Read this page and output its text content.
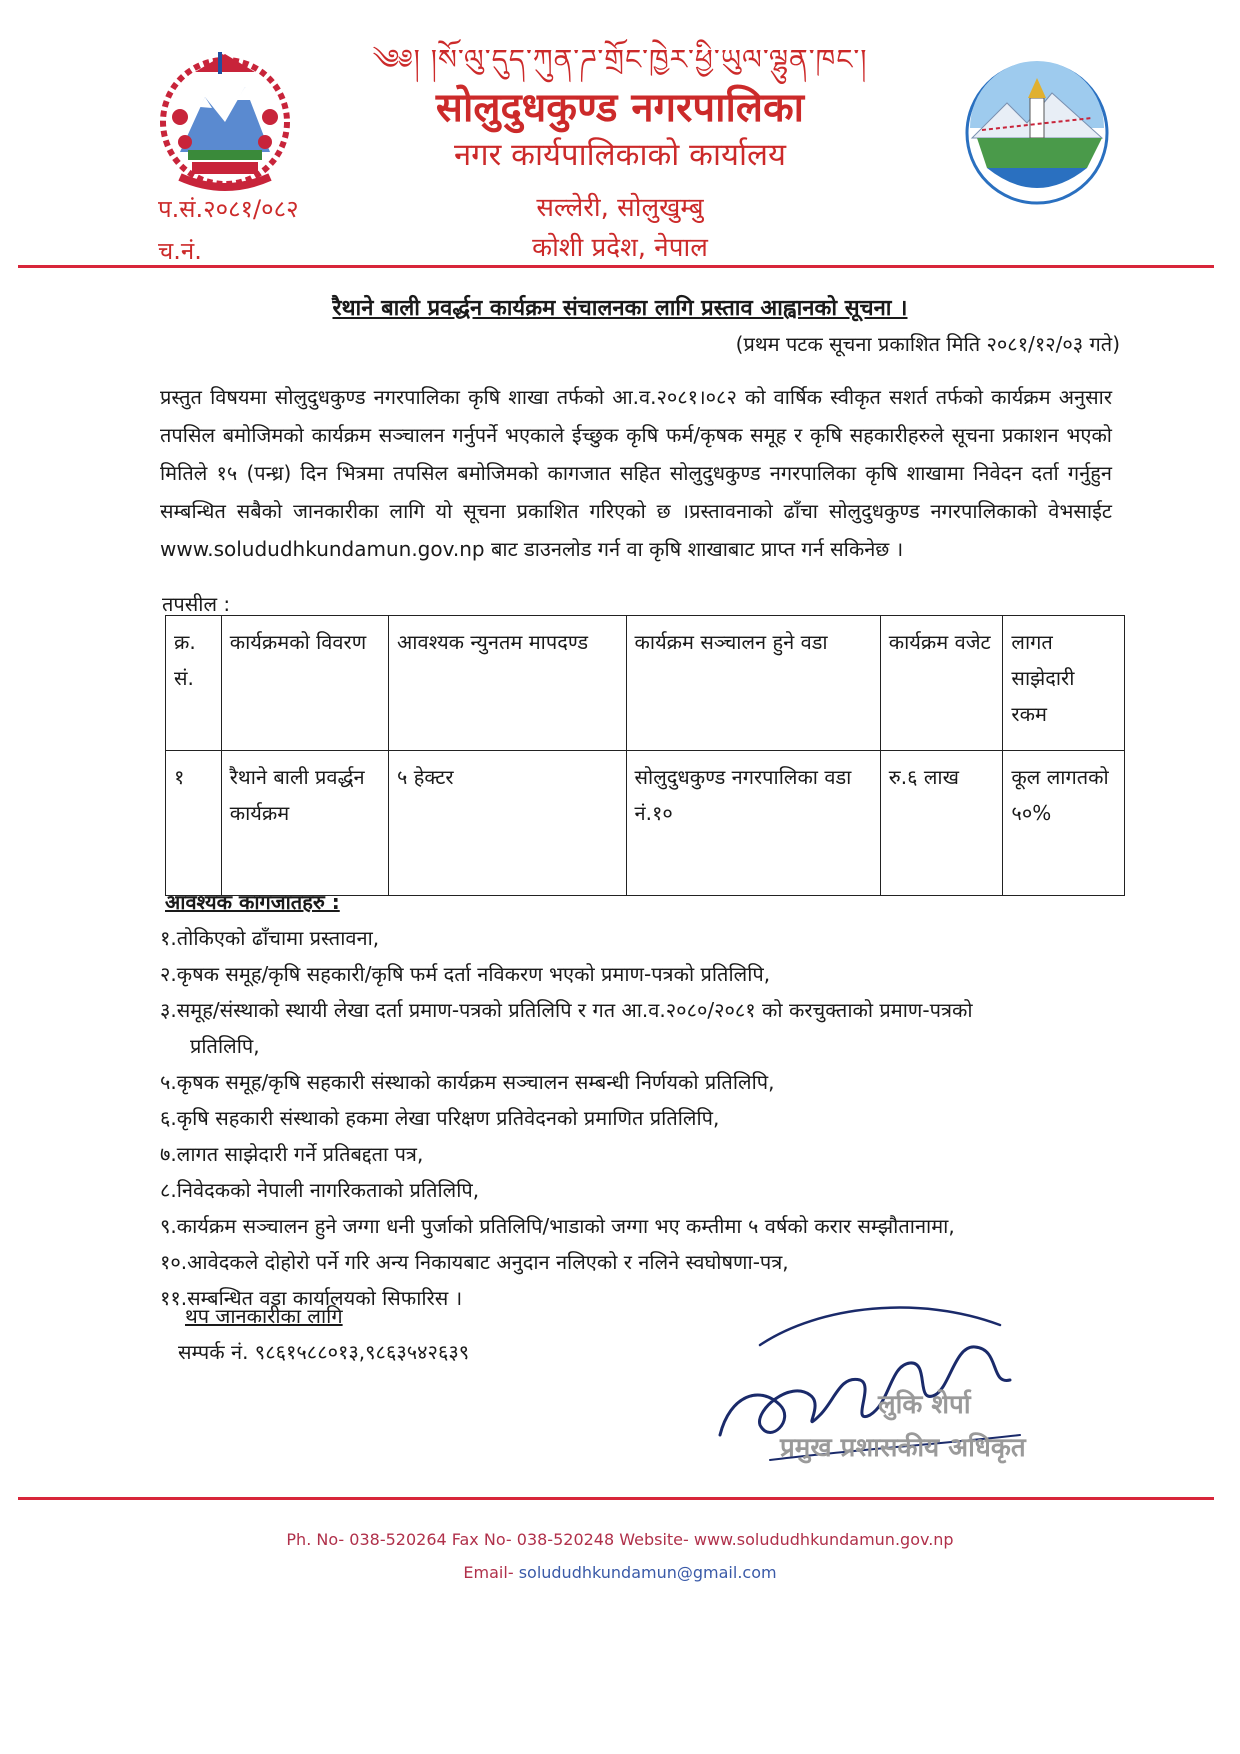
༄༅། །སོ་ལུ་དུད་ཀུན་ཌ་གྲོང་ཁྱེར་ཕྱི་ཡུལ་ལྷུན་ཁང་།
सोलुदुधकुण्ड नगरपालिका
नगर कार्यपालिकाको कार्यालय
सल्लेरी, सोलुखुम्बु
कोशी प्रदेश, नेपाल
प.सं.२०८१/०८२
च.नं.
रैथाने बाली प्रवर्द्धन कार्यक्रम संचालनका लागि प्रस्ताव आह्वानको सूचना ।
(प्रथम पटक सूचना प्रकाशित मिति २०८१/१२/०३ गते)
प्रस्तुत विषयमा सोलुदुधकुण्ड नगरपालिका कृषि शाखा तर्फको आ.व.२०८१।०८२ को वार्षिक स्वीकृत सशर्त तर्फको कार्यक्रम अनुसार तपसिल बमोजिमको कार्यक्रम सञ्चालन गर्नुपर्ने भएकाले ईच्छुक कृषि फर्म/कृषक समूह र कृषि सहकारीहरुले सूचना प्रकाशन भएको मितिले १५ (पन्ध्र) दिन भित्रमा तपसिल बमोजिमको कागजात सहित सोलुदुधकुण्ड नगरपालिका कृषि शाखामा निवेदन दर्ता गर्नुहुन सम्बन्धित सबैको जानकारीका लागि यो सूचना प्रकाशित गरिएको छ ।प्रस्तावनाको ढाँचा सोलुदुधकुण्ड नगरपालिकाको वेभसाईट www.solududhkundamun.gov.np बाट डाउनलोड गर्न वा कृषि शाखाबाट प्राप्त गर्न सकिनेछ ।
तपसील :
क्र. सं.	कार्यक्रमको विवरण	आवश्यक न्युनतम मापदण्ड	कार्यक्रम सञ्चालन हुने वडा	कार्यक्रम वजेट	लागत साझेदारी रकम
१	रैथाने बाली प्रवर्द्धन कार्यक्रम	५ हेक्टर	सोलुदुधकुण्ड नगरपालिका वडा नं.१०	रु.६ लाख	कूल लागतको ५०%
आवश्यक कागजातहरु :
१.तोकिएको ढाँचामा प्रस्तावना,
२.कृषक समूह/कृषि सहकारी/कृषि फर्म दर्ता नविकरण भएको प्रमाण-पत्रको प्रतिलिपि,
३.समूह/संस्थाको स्थायी लेखा दर्ता प्रमाण-पत्रको प्रतिलिपि र गत आ.व.२०८०/२०८१ को करचुक्ताको प्रमाण-पत्रको
प्रतिलिपि,
५.कृषक समूह/कृषि सहकारी संस्थाको कार्यक्रम सञ्चालन सम्बन्धी निर्णयको प्रतिलिपि,
६.कृषि सहकारी संस्थाको हकमा लेखा परिक्षण प्रतिवेदनको प्रमाणित प्रतिलिपि,
७.लागत साझेदारी गर्ने प्रतिबद्दता पत्र,
८.निवेदकको नेपाली नागरिकताको प्रतिलिपि,
९.कार्यक्रम सञ्चालन हुने जग्गा धनी पुर्जाको प्रतिलिपि/भाडाको जग्गा भए कम्तीमा ५ वर्षको करार सम्झौतानामा,
१०.आवेदकले दोहोरो पर्ने गरि अन्य निकायबाट अनुदान नलिएको र नलिने स्वघोषणा-पत्र,
११.सम्बन्धित वडा कार्यालयको सिफारिस ।
थप जानकारीका लागि
सम्पर्क नं. ९८६१५८८०१३,९८६३५४२६३९
लुकि शेर्पा
प्रमुख प्रशासकीय अधिकृत
Ph. No- 038-520264 Fax No- 038-520248 Website- www.solududhkundamun.gov.np
Email- solududhkundamun@gmail.com
